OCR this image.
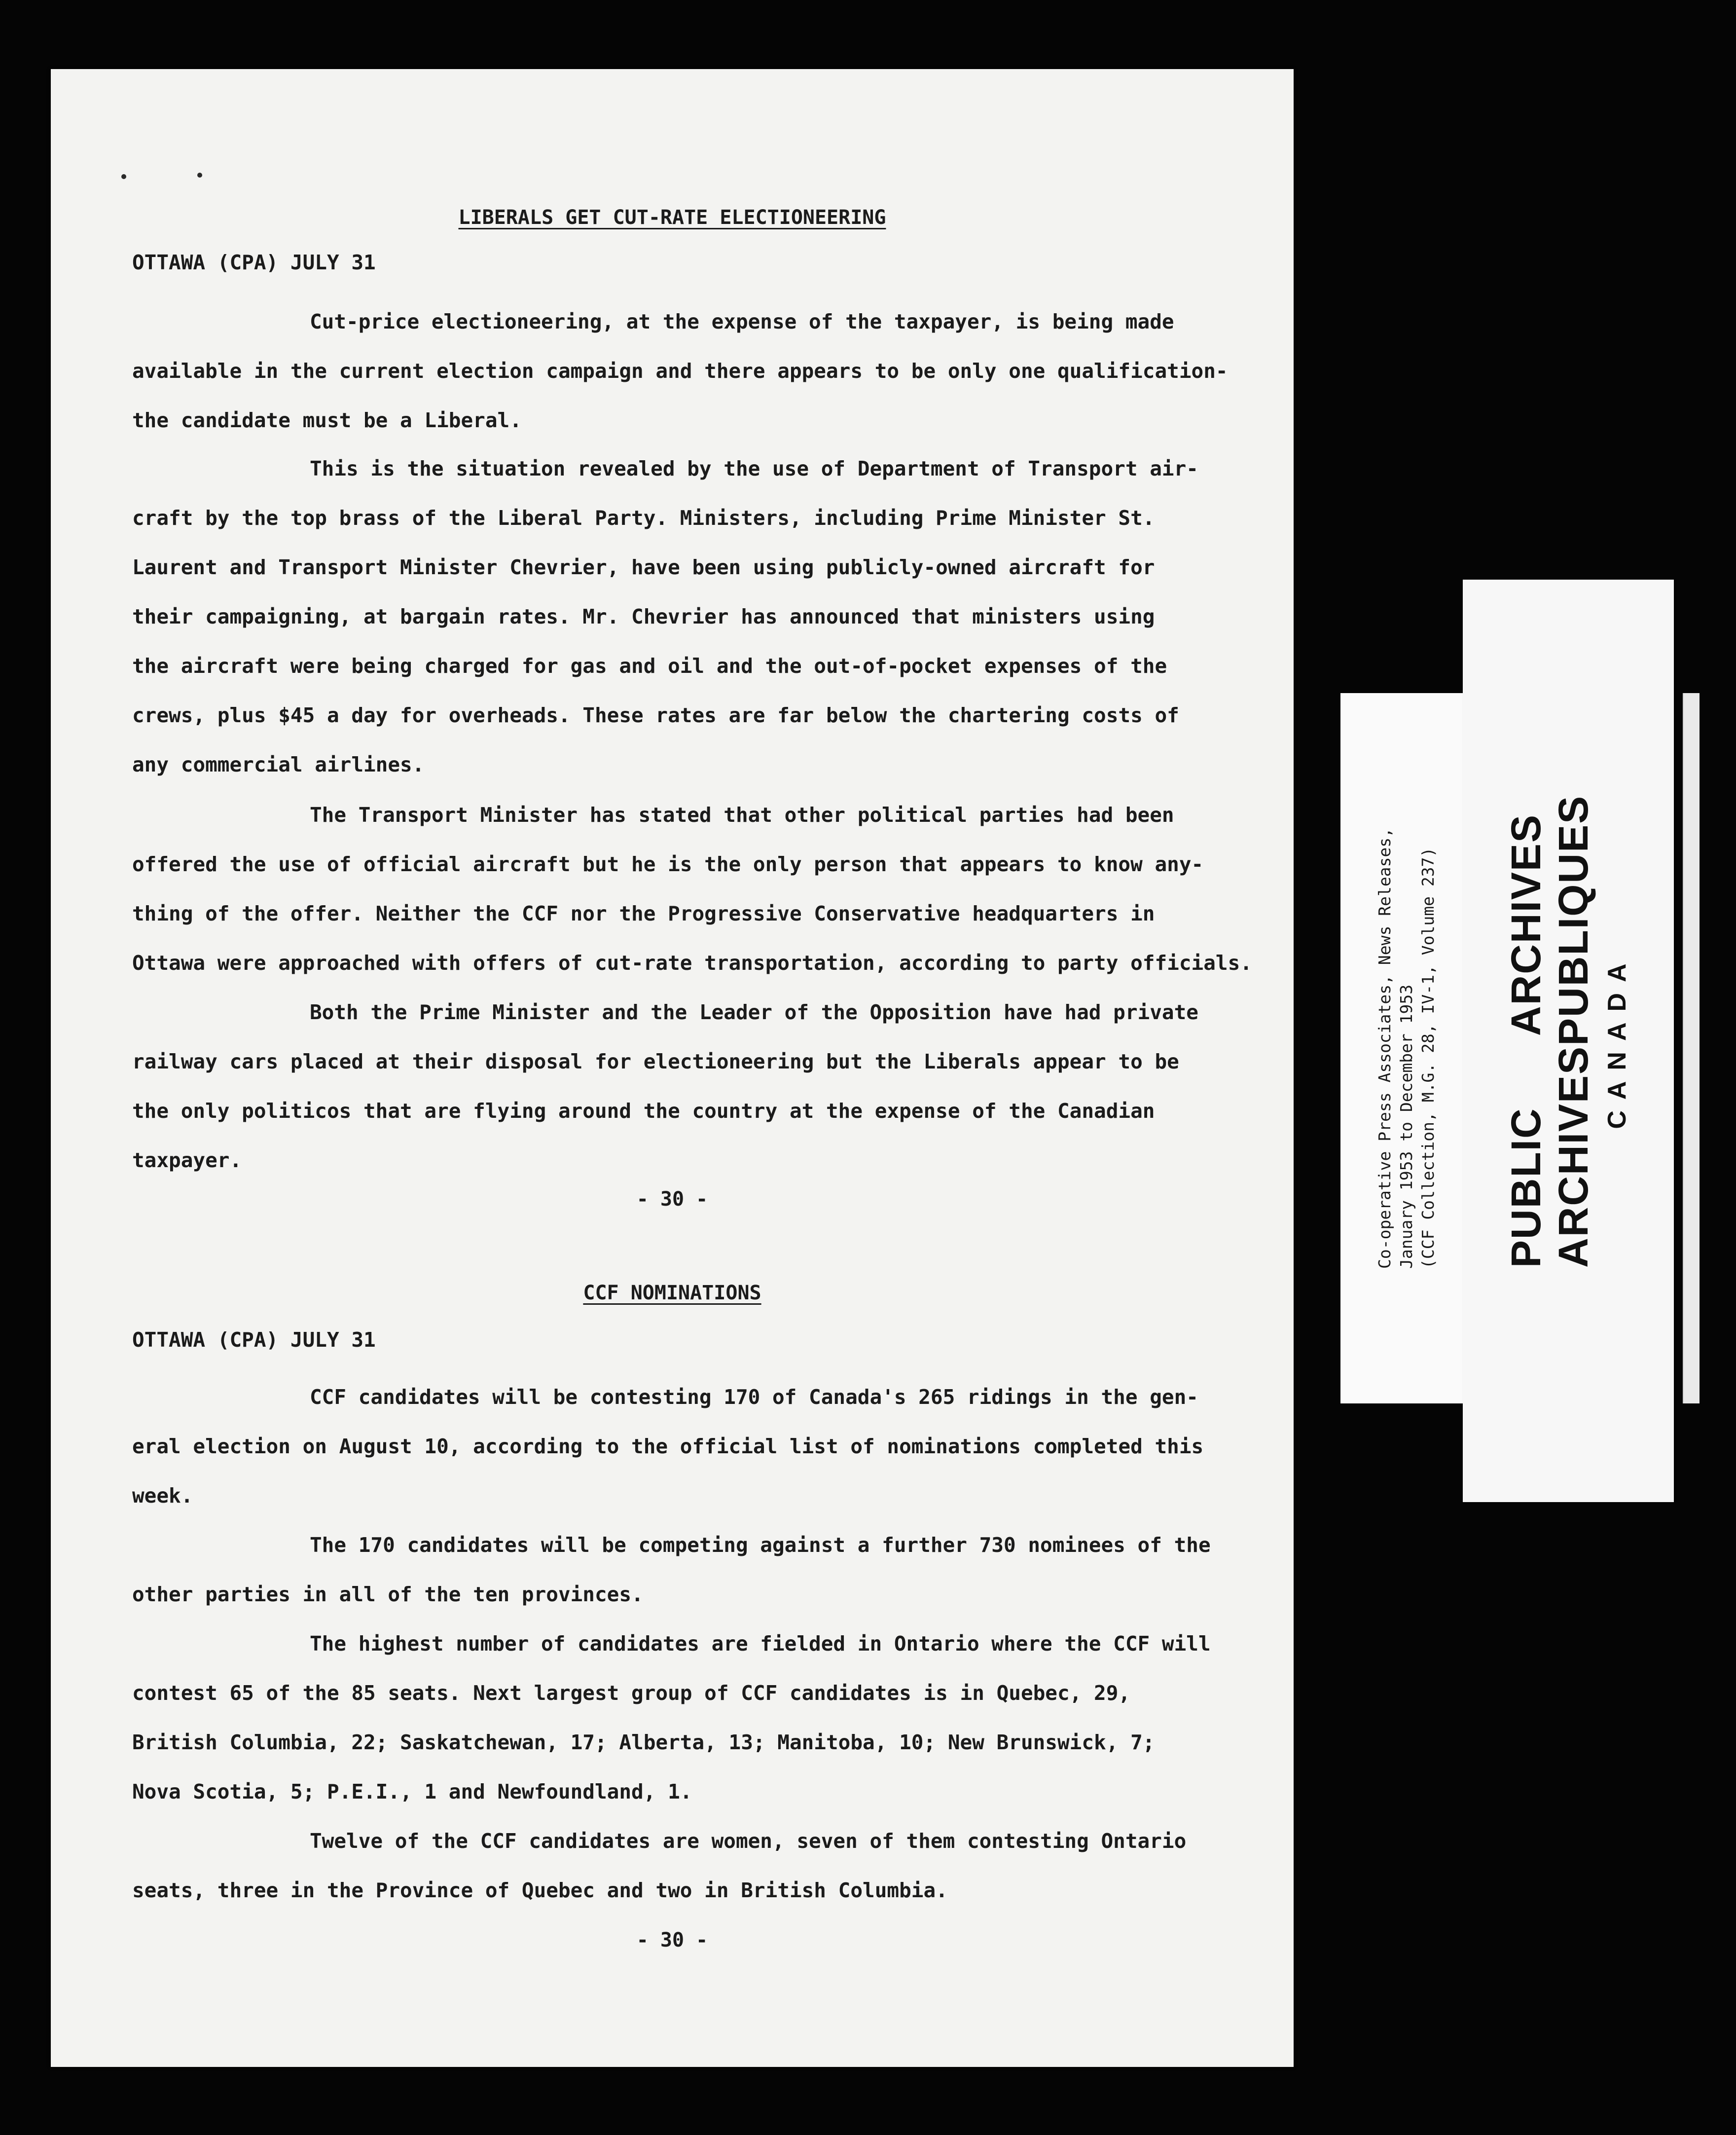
LIBERALS GET CUT-RATE ELECTIONEERING
OTTAWA (CPA) JULY 31
Cut-price electioneering, at the expense of the taxpayer, is being made
available in the current election campaign and there appears to be only one qualification-
the candidate must be a Liberal.
This is the situation revealed by the use of Department of Transport air-
craft by the top brass of the Liberal Party. Ministers, including Prime Minister St.
Laurent and Transport Minister Chevrier, have been using publicly-owned aircraft for
their campaigning, at bargain rates. Mr. Chevrier has announced that ministers using
the aircraft were being charged for gas and oil and the out-of-pocket expenses of the
crews, plus $45 a day for overheads. These rates are far below the chartering costs of
any commercial airlines.
The Transport Minister has stated that other political parties had been
offered the use of official aircraft but he is the only person that appears to know any-
thing of the offer. Neither the CCF nor the Progressive Conservative headquarters in
Ottawa were approached with offers of cut-rate transportation, according to party officials.
Both the Prime Minister and the Leader of the Opposition have had private
railway cars placed at their disposal for electioneering but the Liberals appear to be
the only politicos that are flying around the country at the expense of the Canadian
taxpayer.
- 30 -
CCF NOMINATIONS
OTTAWA (CPA) JULY 31
CCF candidates will be contesting 170 of Canada's 265 ridings in the gen-
eral election on August 10, according to the official list of nominations completed this
week.
The 170 candidates will be competing against a further 730 nominees of the
other parties in all of the ten provinces.
The highest number of candidates are fielded in Ontario where the CCF will
contest 65 of the 85 seats. Next largest group of CCF candidates is in Quebec, 29,
British Columbia, 22; Saskatchewan, 17; Alberta, 13; Manitoba, 10; New Brunswick, 7;
Nova Scotia, 5; P.E.I., 1 and Newfoundland, 1.
Twelve of the CCF candidates are women, seven of them contesting Ontario
seats, three in the Province of Quebec and two in British Columbia.
- 30 -
Co-operative Press Associates, News Releases, January 1953 to December 1953 (CCF Collection, M.G. 28, IV-1, Volume 237) PUBLIC
ARCHIVES
ARCHIVES
PUBLIQUES CANADA
